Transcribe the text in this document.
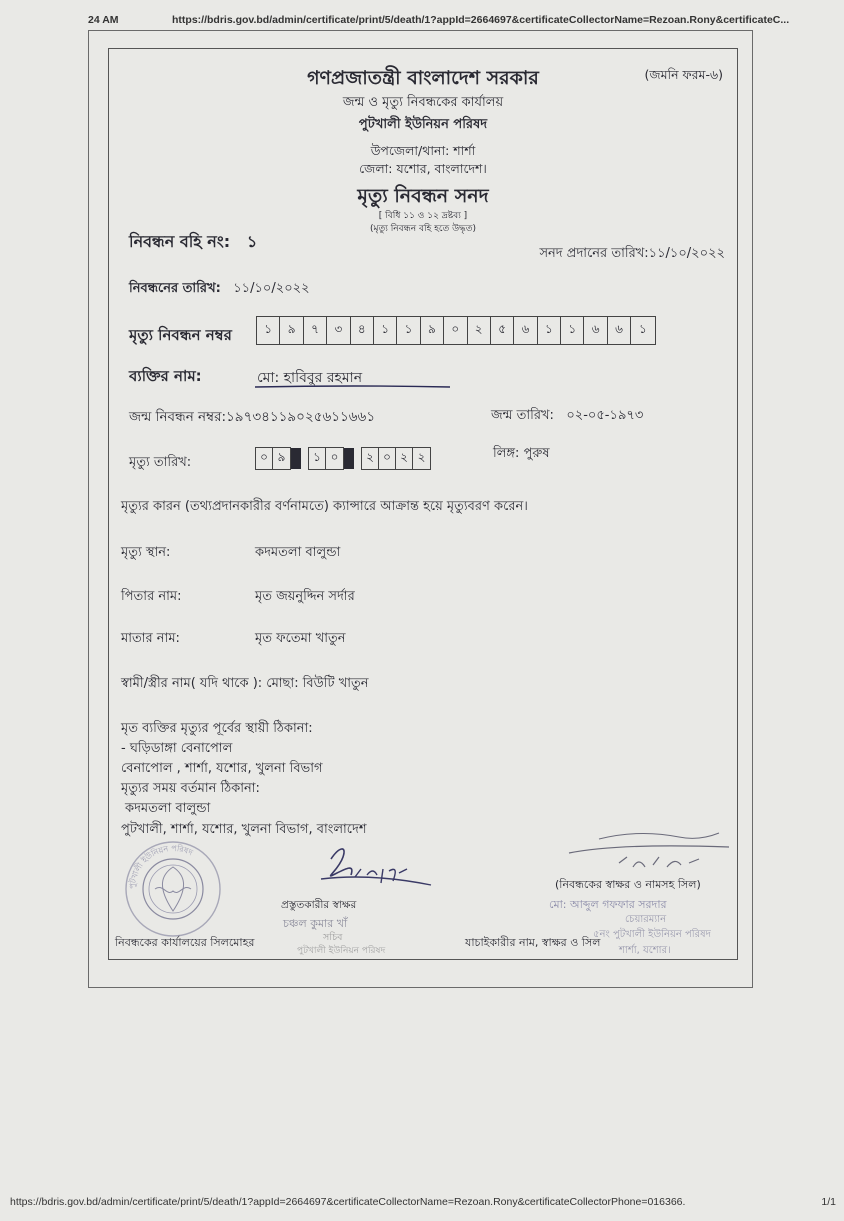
24 AM	https://bdris.gov.bd/admin/certificate/print/5/death/1?appId=2664697&certificateCollectorName=Rezoan.Rony&certificateC...
গণপ্রজাতন্ত্রী বাংলাদেশ সরকার	(জমনি ফরম-৬)
জন্ম ও মৃত্যু নিবন্ধকের কার্যালয়
পুটখালী ইউনিয়ন পরিষদ
উপজেলা/থানা: শার্শা
জেলা: যশোর, বাংলাদেশ।
মৃত্যু নিবন্ধন সনদ
[ বিধি ১১ ও ১২ দ্রষ্টব্য ]
(মৃত্যু নিবন্ধন বহি হতে উদ্ধৃত)
নিবন্ধন বহি নং: ১
সনদ প্রদানের তারিখ:১১/১০/২০২২
নিবন্ধনের তারিখ: ১১/১০/২০২২
মৃত্যু নিবন্ধন নম্বর	১	৯	৭	৩	৪	১	১	৯	০	২	৫	৬	১	১	৬	৬	১
ব্যক্তির নাম:	মো: হাবিবুর রহমান
জন্ম নিবন্ধন নম্বর:১৯৭৩৪১১৯০২৫৬১১৬৬১	জন্ম তারিখ: ০২-০৫-১৯৭৩
মৃত্যু তারিখ:	০ ৯	১ ০	২ ০ ২ ২	লিঙ্গ: পুরুষ
মৃত্যুর কারন (তথ্যপ্রদানকারীর বর্ণনামতে) ক্যান্সারে আক্রান্ত হয়ে মৃত্যুবরণ করেন।
মৃত্যু স্থান:	কদমতলা বালুন্ডা
পিতার নাম:	মৃত জয়নুদ্দিন সর্দার
মাতার নাম:	মৃত ফতেমা খাতুন
স্বামী/স্ত্রীর নাম( যদি থাকে ): মোছা: বিউটি খাতুন
মৃত ব্যক্তির মৃত্যুর পূর্বের স্থায়ী ঠিকানা:
- ঘড়িডাঙ্গা বেনাপোল
বেনাপোল , শার্শা, যশোর, খুলনা বিভাগ
মৃত্যুর সময় বর্তমান ঠিকানা:
কদমতলা বালুন্ডা
পুটখালী, শার্শা, যশোর, খুলনা বিভাগ, বাংলাদেশ
পুটখালী ইউনিয়ন পরিষদ
নিবন্ধকের কার্যালয়ের সিলমোহর
প্রস্তুতকারীর স্বাক্ষর
চঞ্চল কুমার খাঁ
সচিব
পুটখালী ইউনিয়ন পরিষদ
যাচাইকারীর নাম, স্বাক্ষর ও সিল
(নিবন্ধকের স্বাক্ষর ও নামসহ সিল)
মো: আব্দুল গফফার সরদার
চেয়ারম্যান
৫নং পুটখালী ইউনিয়ন পরিষদ
শার্শা, যশোর।
https://bdris.gov.bd/admin/certificate/print/5/death/1?appId=2664697&certificateCollectorName=Rezoan.Rony&certificateCollectorPhone=016366.	1/1
